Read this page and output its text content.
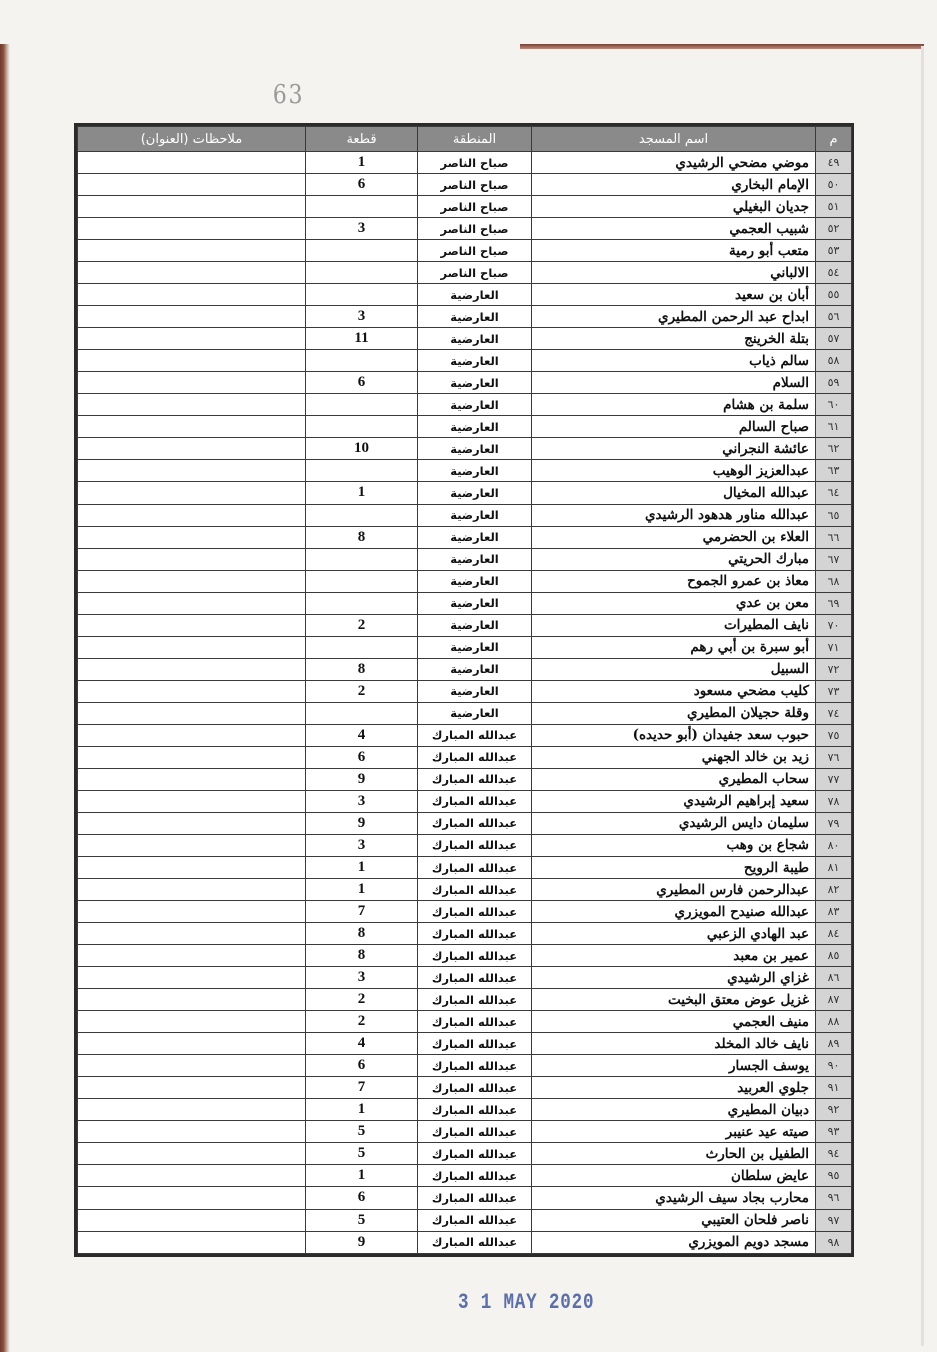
63
م	اسم المسجد	المنطقة	قطعة	ملاحظات (العنوان)
٤٩	موضي مضحي الرشيدي	صباح الناصر	1	
٥٠	الإمام البخاري	صباح الناصر	6	
٥١	جديان البغيلي	صباح الناصر		
٥٢	شبيب العجمي	صباح الناصر	3	
٥٣	متعب أبو رمية	صباح الناصر		
٥٤	الالباني	صباح الناصر		
٥٥	أبان بن سعيد	العارضية		
٥٦	ابداح عبد الرحمن المطيري	العارضية	3	
٥٧	بتلة الخرينج	العارضية	11	
٥٨	سالم ذياب	العارضية		
٥٩	السلام	العارضية	6	
٦٠	سلمة بن هشام	العارضية		
٦١	صباح السالم	العارضية		
٦٢	عائشة النجراني	العارضية	10	
٦٣	عبدالعزيز الوهيب	العارضية		
٦٤	عبدالله المخيال	العارضية	1	
٦٥	عبدالله مناور هدهود الرشيدي	العارضية		
٦٦	العلاء بن الحضرمي	العارضية	8	
٦٧	مبارك الحريتي	العارضية		
٦٨	معاذ بن عمرو الجموح	العارضية		
٦٩	معن بن عدي	العارضية		
٧٠	نايف المطيرات	العارضية	2	
٧١	أبو سبرة بن أبي رهم	العارضية		
٧٢	السبيل	العارضية	8	
٧٣	كليب مضحي مسعود	العارضية	2	
٧٤	وقلة حجيلان المطيري	العارضية		
٧٥	حبوب سعد جفيدان (أبو حديده)	عبدالله المبارك	4	
٧٦	زيد بن خالد الجهني	عبدالله المبارك	6	
٧٧	سحاب المطيري	عبدالله المبارك	9	
٧٨	سعيد إبراهيم الرشيدي	عبدالله المبارك	3	
٧٩	سليمان دايس الرشيدي	عبدالله المبارك	9	
٨٠	شجاع بن وهب	عبدالله المبارك	3	
٨١	طيبة الرويح	عبدالله المبارك	1	
٨٢	عبدالرحمن فارس المطيري	عبدالله المبارك	1	
٨٣	عبدالله صنيدح المويزري	عبدالله المبارك	7	
٨٤	عبد الهادي الزعبي	عبدالله المبارك	8	
٨٥	عمير بن معبد	عبدالله المبارك	8	
٨٦	غزاي الرشيدي	عبدالله المبارك	3	
٨٧	غزيل عوض معتق البخيت	عبدالله المبارك	2	
٨٨	منيف العجمي	عبدالله المبارك	2	
٨٩	نايف خالد المخلد	عبدالله المبارك	4	
٩٠	يوسف الجسار	عبدالله المبارك	6	
٩١	جلوي العربيد	عبدالله المبارك	7	
٩٢	دبيان المطيري	عبدالله المبارك	1	
٩٣	صيته عيد عنيبر	عبدالله المبارك	5	
٩٤	الطفيل بن الحارث	عبدالله المبارك	5	
٩٥	عايض سلطان	عبدالله المبارك	1	
٩٦	محارب بجاد سيف الرشيدي	عبدالله المبارك	6	
٩٧	ناصر فلحان العتيبي	عبدالله المبارك	5	
٩٨	مسجد دويم المويزري	عبدالله المبارك	9	
3 1 MAY 2020
